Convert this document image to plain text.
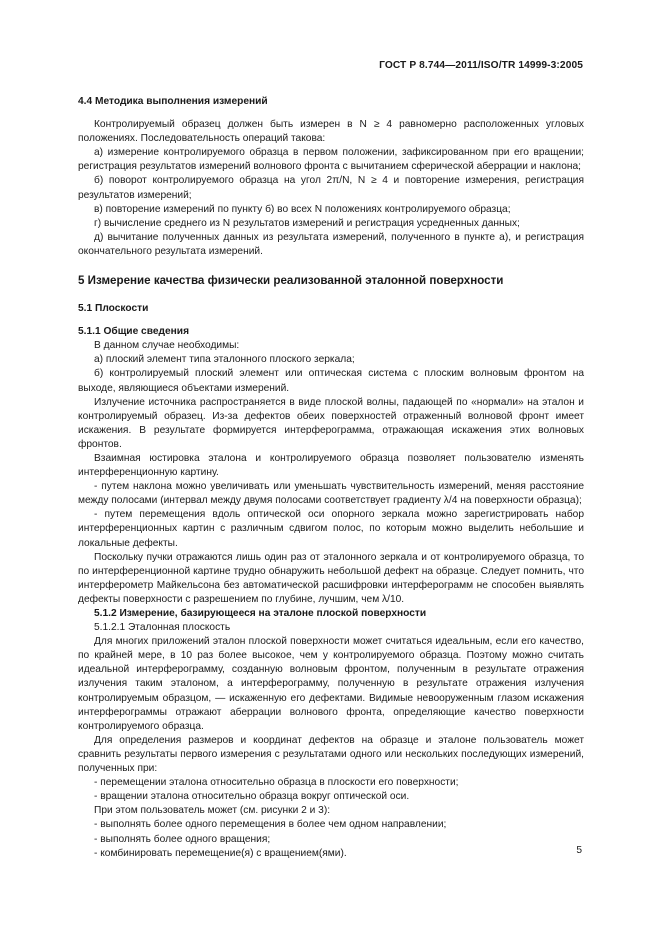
ГОСТ Р 8.744—2011/ISO/TR 14999-3:2005

4.4 Методика выполнения измерений

Контролируемый образец должен быть измерен в N ≥ 4 равномерно расположенных угловых положениях. Последовательность операций такова:

а) измерение контролируемого образца в первом положении, зафиксированном при его вращении; регистрация результатов измерений волнового фронта с вычитанием сферической аберрации и наклона;

б) поворот контролируемого образца на угол 2π/N, N ≥ 4 и повторение измерения, регистрация результатов измерений;

в) повторение измерений по пункту б) во всех N положениях контролируемого образца;

г) вычисление среднего из N результатов измерений и регистрация усредненных данных;

д) вычитание полученных данных из результата измерений, полученного в пункте а), и регистрация окончательного результата измерений.

5 Измерение качества физически реализованной эталонной поверхности

5.1 Плоскости

5.1.1 Общие сведения

В данном случае необходимы:

а) плоский элемент типа эталонного плоского зеркала;

б) контролируемый плоский элемент или оптическая система с плоским волновым фронтом на выходе, являющиеся объектами измерений.

Излучение источника распространяется в виде плоской волны, падающей по «нормали» на эталон и контролируемый образец. Из-за дефектов обеих поверхностей отраженный волновой фронт имеет искажения. В результате формируется интерферограмма, отражающая искажения этих волновых фронтов.

Взаимная юстировка эталона и контролируемого образца позволяет пользователю изменять интерференционную картину.

- путем наклона можно увеличивать или уменьшать чувствительность измерений, меняя расстояние между полосами (интервал между двумя полосами соответствует градиенту λ/4 на поверхности образца);

- путем перемещения вдоль оптической оси опорного зеркала можно зарегистрировать набор интерференционных картин с различным сдвигом полос, по которым можно выделить небольшие и локальные дефекты.

Поскольку пучки отражаются лишь один раз от эталонного зеркала и от контролируемого образца, то по интерференционной картине трудно обнаружить небольшой дефект на образце. Следует помнить, что интерферометр Майкельсона без автоматической расшифровки интерферограмм не способен выявлять дефекты поверхности с разрешением по глубине, лучшим, чем λ/10.

5.1.2 Измерение, базирующееся на эталоне плоской поверхности

5.1.2.1 Эталонная плоскость

Для многих приложений эталон плоской поверхности может считаться идеальным, если его качество, по крайней мере, в 10 раз более высокое, чем у контролируемого образца. Поэтому можно считать идеальной интерферограмму, созданную волновым фронтом, полученным в результате отражения излучения таким эталоном, а интерферограмму, полученную в результате отражения излучения контролируемым образцом, — искаженную его дефектами. Видимые невооруженным глазом искажения интерферограммы отражают аберрации волнового фронта, определяющие качество поверхности контролируемого образца.

Для определения размеров и координат дефектов на образце и эталоне пользователь может сравнить результаты первого измерения с результатами одного или нескольких последующих измерений, полученных при:

- перемещении эталона относительно образца в плоскости его поверхности;

- вращении эталона относительно образца вокруг оптической оси.

При этом пользователь может (см. рисунки 2 и 3):

- выполнять более одного перемещения в более чем одном направлении;

- выполнять более одного вращения;

- комбинировать перемещение(я) с вращением(ями).	5
